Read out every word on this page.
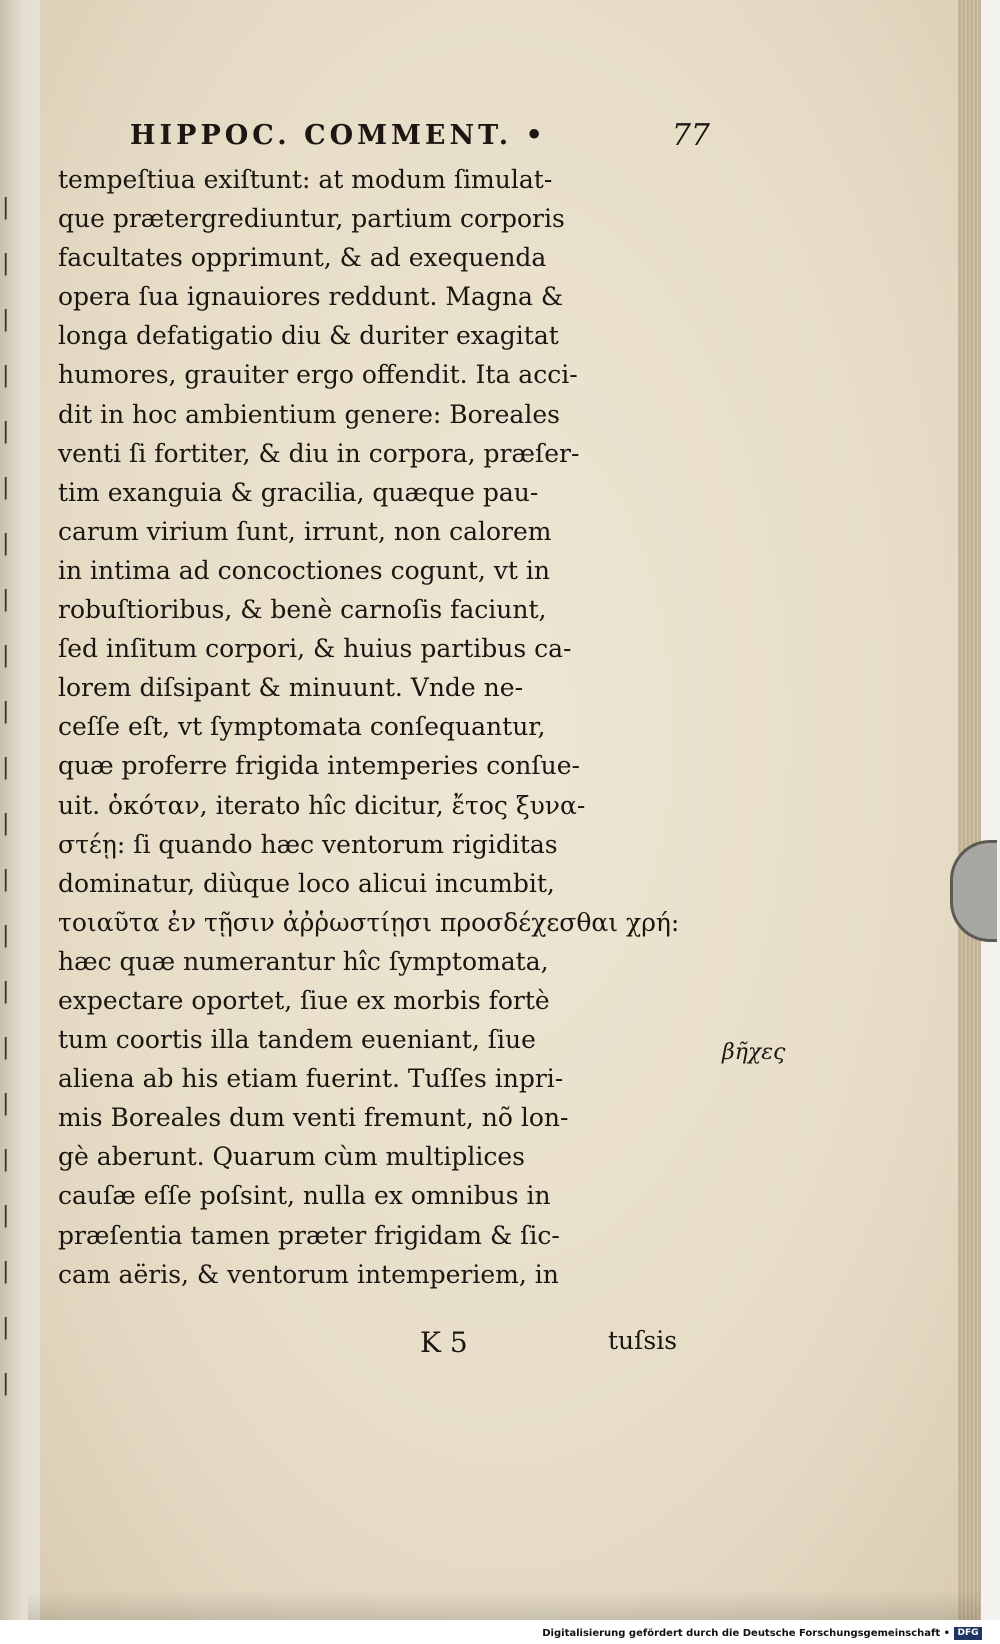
|
|
|
|
|
|
|
|
|
|
|
|
|
|
|
|
|
|
|
|
|
|
HIPPOC. COMMENT. •	77
tempeſtiua exiſtunt: at modum ſimulat-
que prætergrediuntur, partium corporis
facultates opprimunt, & ad exequenda
opera ſua ignauiores reddunt. Magna &
longa defatigatio diu & duriter exagitat
humores, grauiter ergo offendit. Ita acci-
dit in hoc ambientium genere: Boreales
venti ſi fortiter, & diu in corpora, præſer-
tim exanguia & gracilia, quæque pau-
carum virium ſunt, irrunt, non calorem
in intima ad concoctiones cogunt, vt in
robuſtioribus, & benè carnoſis faciunt,
ſed inſitum corpori, & huius partibus ca-
lorem diſsipant & minuunt. Vnde ne-
ceſſe eſt, vt ſymptomata conſequantur,
quæ proferre frigida intemperies conſue-
uit. ὁκόταν, iterato hîc dicitur, ἔτος ξυνα-
στέῃ: ſi quando hæc ventorum rigiditas
dominatur, diùque loco alicui incumbit,
τοιαῦτα ἐν τῇσιν ἀῤῥωστίῃσι προσδέχεσθαι χρή:
hæc quæ numerantur hîc ſymptomata,
expectare oportet, ſiue ex morbis fortè
tum coortis illa tandem eueniant, ſiue
aliena ab his etiam fuerint. Tuſſes inpri-
mis Boreales dum venti fremunt, nõ lon-
gè aberunt. Quarum cùm multiplices
cauſæ eſſe poſsint, nulla ex omnibus in
præſentia tamen præter frigidam & ſic-
cam aëris, & ventorum intemperiem, in
βῆχες
K 5	tuſsis
Digitalisierung gefördert durch die Deutsche Forschungsgemeinschaft • DFG
